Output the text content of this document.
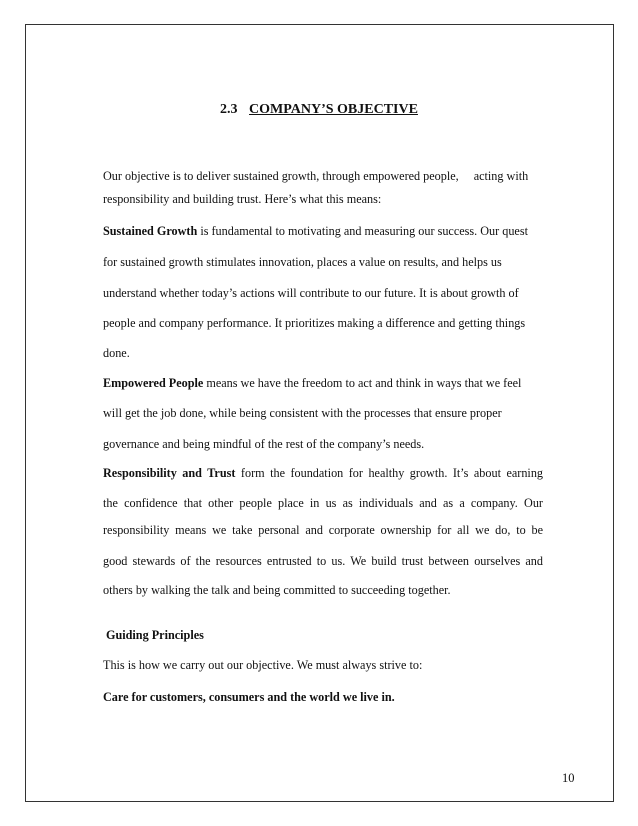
2.3 COMPANY’S OBJECTIVE
Our objective is to deliver sustained growth, through empowered people, acting with
responsibility and building trust. Here’s what this means:
Sustained Growth is fundamental to motivating and measuring our success. Our quest
for sustained growth stimulates innovation, places a value on results, and helps us
understand whether today’s actions will contribute to our future. It is about growth of
people and company performance. It prioritizes making a difference and getting things
done.
Empowered People means we have the freedom to act and think in ways that we feel
will get the job done, while being consistent with the processes that ensure proper
governance and being mindful of the rest of the company’s needs.
Responsibility and Trust form the foundation for healthy growth. It’s about earning
the confidence that other people place in us as individuals and as a company. Our
responsibility means we take personal and corporate ownership for all we do, to be
good stewards of the resources entrusted to us. We build trust between ourselves and
others by walking the talk and being committed to succeeding together.
Guiding Principles
This is how we carry out our objective. We must always strive to:
Care for customers, consumers and the world we live in.
10
